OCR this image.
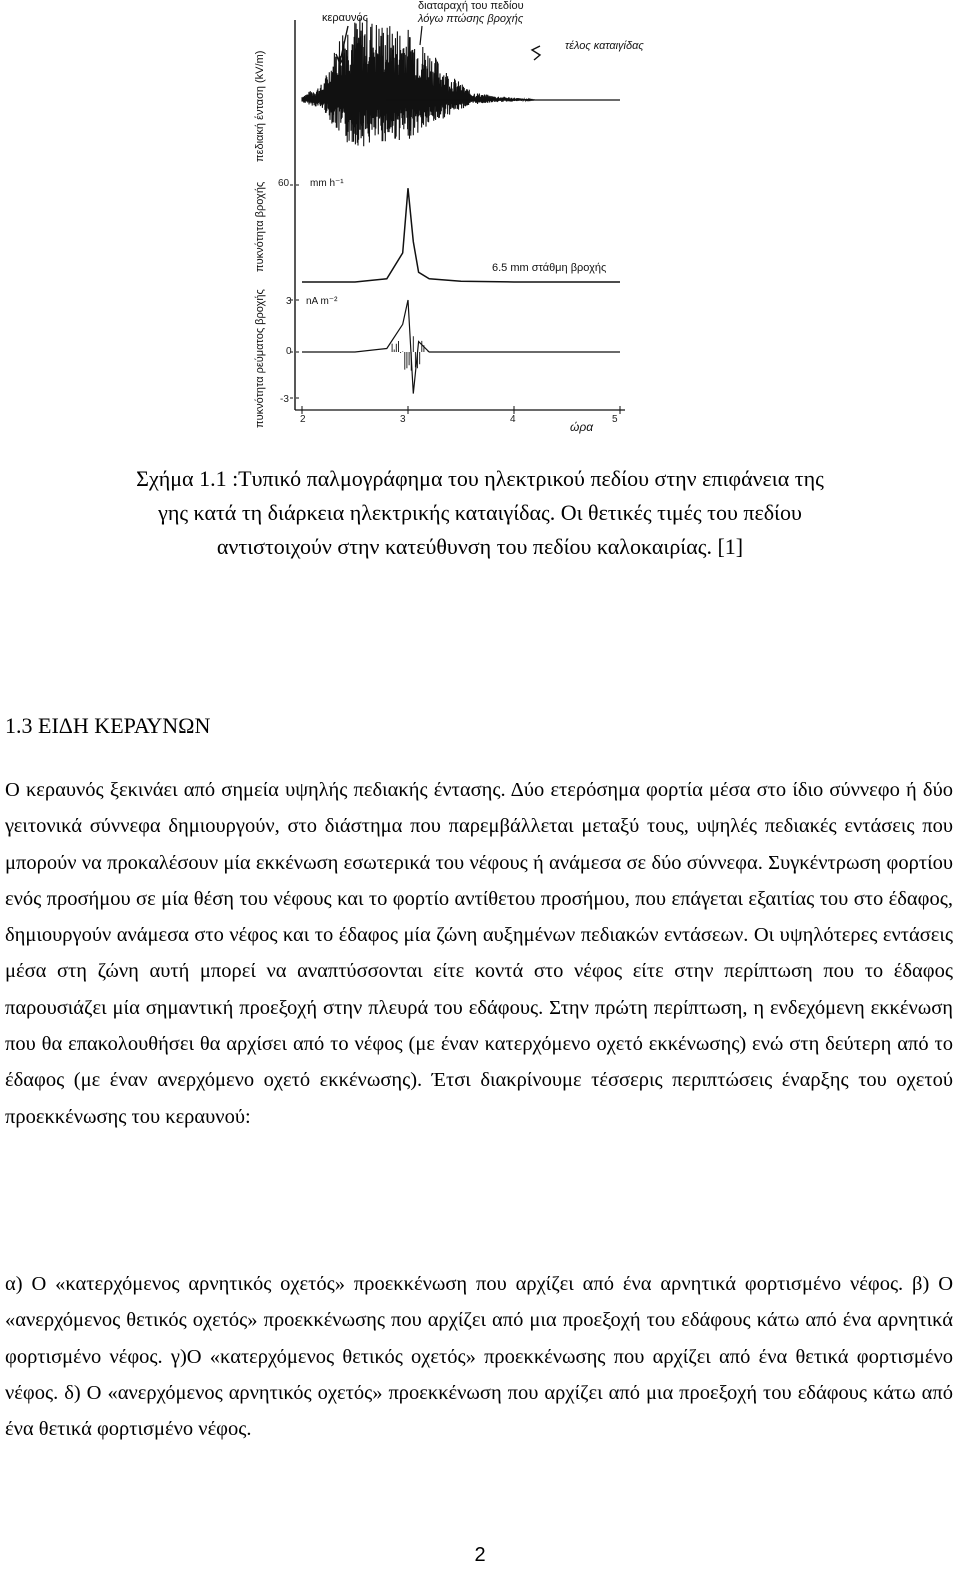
κεραυνός
διαταραχή του πεδίου
λόγω πτώσης βροχής
τέλος καταιγίδας
6.5 mm στάθμη βροχής
mm h⁻¹
nA m⁻²
πεδιακή ένταση (kV/m)
πυκνότητα βροχής
πυκνότητα ρεύματος βροχής
60
3
0
-3
2	3	4	5
ώρα
Σχήμα 1.1 :Τυπικό παλμογράφημα του ηλεκτρικού πεδίου στην επιφάνεια της
γης κατά τη διάρκεια ηλεκτρικής καταιγίδας. Οι θετικές τιμές του πεδίου
αντιστοιχούν στην κατεύθυνση του πεδίου καλοκαιρίας. [1]
1.3 ΕΙΔΗ ΚΕΡΑΥΝΩΝ
Ο κεραυνός ξεκινάει από σημεία υψηλής πεδιακής έντασης. Δύο ετερόσημα φορτία μέσα στο ίδιο σύννεφο ή δύο γειτονικά σύννεφα δημιουργούν, στο διάστημα που παρεμβάλλεται μεταξύ τους, υψηλές πεδιακές εντάσεις που μπορούν να προκαλέσουν μία εκκένωση εσωτερικά του νέφους ή ανάμεσα σε δύο σύννεφα. Συγκέντρωση φορτίου ενός προσήμου σε μία θέση του νέφους και το φορτίο αντίθετου προσήμου, που επάγεται εξαιτίας του στο έδαφος, δημιουργούν ανάμεσα στο νέφος και το έδαφος μία ζώνη αυξημένων πεδιακών εντάσεων. Οι υψηλότερες εντάσεις μέσα στη ζώνη αυτή μπορεί να αναπτύσσονται είτε κοντά στο νέφος είτε στην περίπτωση που το έδαφος παρουσιάζει μία σημαντική προεξοχή στην πλευρά του εδάφους. Στην πρώτη περίπτωση, η ενδεχόμενη εκκένωση που θα επακολουθήσει θα αρχίσει από το νέφος (με έναν κατερχόμενο οχετό εκκένωσης) ενώ στη δεύτερη από το έδαφος (με έναν ανερχόμενο οχετό εκκένωσης). Έτσι διακρίνουμε τέσσερις περιπτώσεις έναρξης του οχετού προεκκένωσης του κεραυνού:
α) Ο «κατερχόμενος αρνητικός οχετός» προεκκένωση που αρχίζει από ένα αρνητικά φορτισμένο νέφος. β) Ο «ανερχόμενος θετικός οχετός» προεκκένωσης που αρχίζει από μια προεξοχή του εδάφους κάτω από ένα αρνητικά φορτισμένο νέφος. γ)Ο «κατερχόμενος θετικός οχετός» προεκκένωσης που αρχίζει από ένα θετικά φορτισμένο νέφος. δ) Ο «ανερχόμενος αρνητικός οχετός» προεκκένωση που αρχίζει από μια προεξοχή του εδάφους κάτω από ένα θετικά φορτισμένο νέφος.
2
